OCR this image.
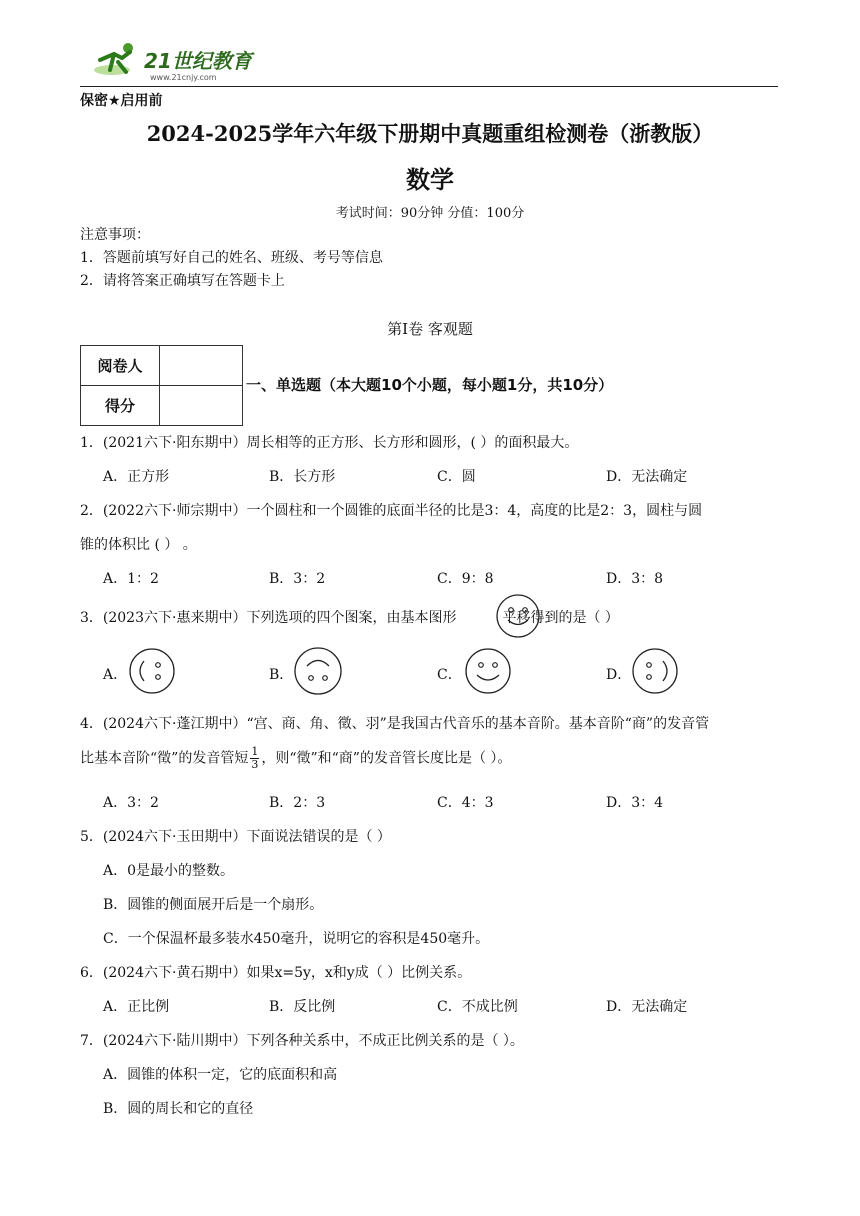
21世纪教育
www.21cnjy.com
保密★启用前
2024-2025学年六年级下册期中真题重组检测卷（浙教版）
数学
考试时间：90分钟 分值：100分
注意事项：
1．答题前填写好自己的姓名、班级、考号等信息
2．请将答案正确填写在答题卡上
第Ⅰ卷 客观题
阅卷人	
得分	
一、单选题（本大题10个小题，每小题1分，共10分）
1．(2021六下·阳东期中）周长相等的正方形、长方形和圆形，( ）的面积最大。
A．正方形	B．长方形	C．圆	D．无法确定
2．(2022六下·师宗期中）一个圆柱和一个圆锥的底面半径的比是3：4，高度的比是2：3，圆柱与圆
锥的体积比 ( ） 。
A．1：2	B．3：2	C．9：8	D．3：8
3．(2023六下·惠来期中）下列选项的四个图案，由基本图形	平移得到的是（ ）
A．	B．	C．	D．
4．(2024六下·蓬江期中）“宫、商、角、徵、羽”是我国古代音乐的基本音阶。基本音阶“商”的发音管
比基本音阶“徵”的发音管短 $\frac{1}{3}$ ，则“徵”和“商”的发音管长度比是（ ）。
A．3：2	B．2：3	C．4：3	D．3：4
5．(2024六下·玉田期中）下面说法错误的是（ ）
A．0是最小的整数。
B．圆锥的侧面展开后是一个扇形。
C．一个保温杯最多装水450毫升，说明它的容积是450毫升。
6．(2024六下·黄石期中）如果x=5y，x和y成（ ）比例关系。
A．正比例	B．反比例	C．不成比例	D．无法确定
7．(2024六下·陆川期中）下列各种关系中，不成正比例关系的是（ ）。
A．圆锥的体积一定，它的底面积和高
B．圆的周长和它的直径
